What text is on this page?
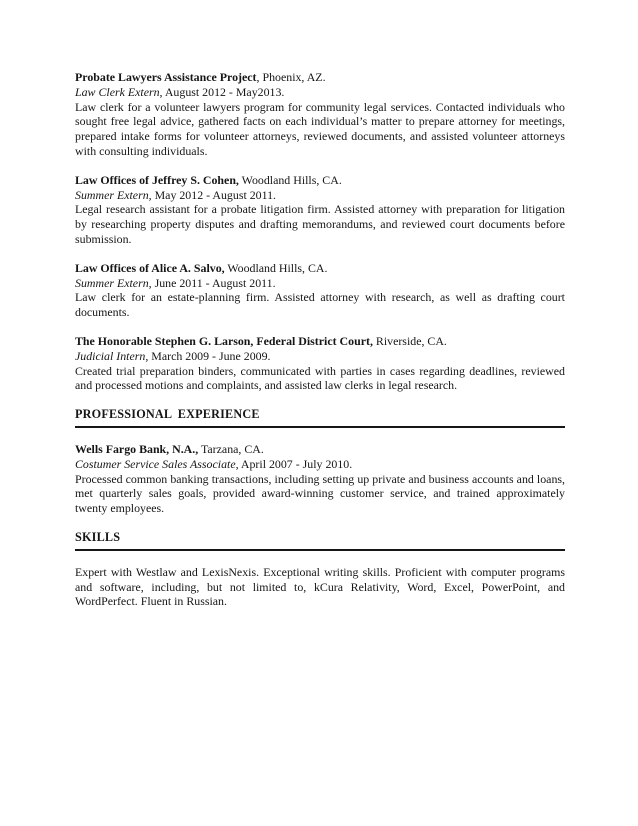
Probate Lawyers Assistance Project, Phoenix, AZ.

Law Clerk Extern, August 2012 - May2013.

Law clerk for a volunteer lawyers program for community legal services. Contacted individuals who sought free legal advice, gathered facts on each individual’s matter to prepare attorney for meetings, prepared intake forms for volunteer attorneys, reviewed documents, and assisted volunteer attorneys with consulting individuals.

Law Offices of Jeffrey S. Cohen, Woodland Hills, CA.

Summer Extern, May 2012 - August 2011.

Legal research assistant for a probate litigation firm. Assisted attorney with preparation for litigation by researching property disputes and drafting memorandums, and reviewed court documents before submission.

Law Offices of Alice A. Salvo, Woodland Hills, CA.

Summer Extern, June 2011 - August 2011.

Law clerk for an estate-planning firm. Assisted attorney with research, as well as drafting court documents.

The Honorable Stephen G. Larson, Federal District Court, Riverside, CA.

Judicial Intern, March 2009 - June 2009.

Created trial preparation binders, communicated with parties in cases regarding deadlines, reviewed and processed motions and complaints, and assisted law clerks in legal research.

PROFESSIONAL EXPERIENCE

Wells Fargo Bank, N.A., Tarzana, CA.

Costumer Service Sales Associate, April 2007 - July 2010.

Processed common banking transactions, including setting up private and business accounts and loans, met quarterly sales goals, provided award-winning customer service, and trained approximately twenty employees.

SKILLS

Expert with Westlaw and LexisNexis. Exceptional writing skills. Proficient with computer programs and software, including, but not limited to, kCura Relativity, Word, Excel, PowerPoint, and WordPerfect. Fluent in Russian.
